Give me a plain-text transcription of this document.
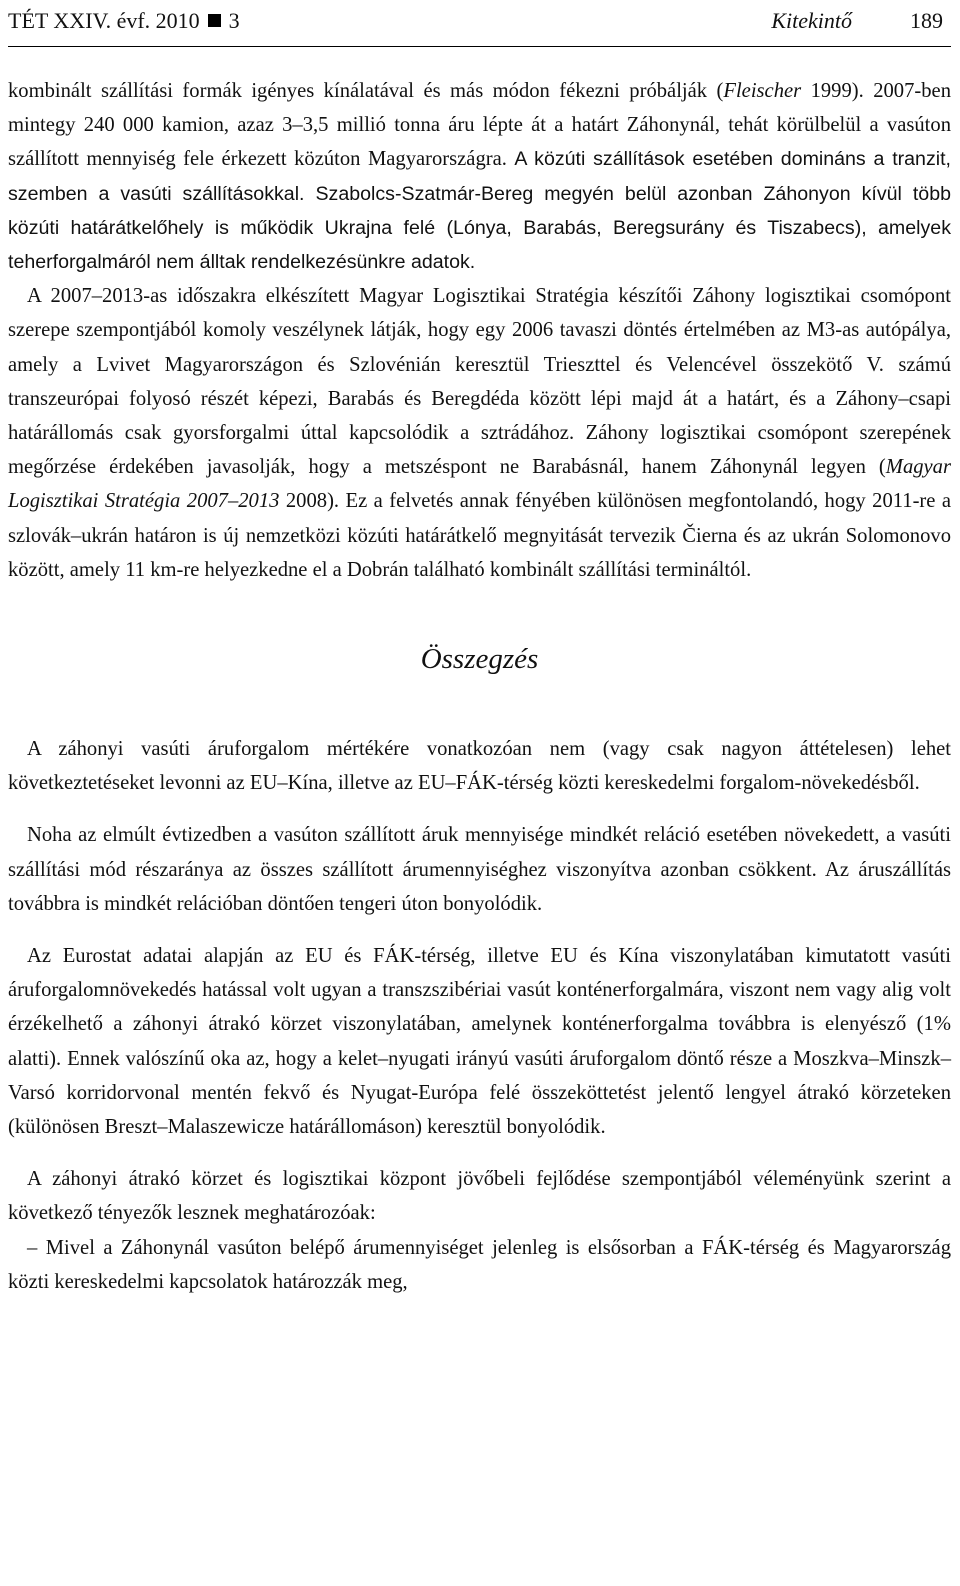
TÉT XXIV. évf. 2010 3	Kitekintő	189

kombinált szállítási formák igényes kínálatával és más módon fékezni próbálják (Fleischer 1999). 2007-ben mintegy 240 000 kamion, azaz 3–3,5 millió tonna áru lépte át a határt Záhonynál, tehát körülbelül a vasúton szállított mennyiség fele érkezett közúton Magyarországra. A közúti szállítások esetében domináns a tranzit, szemben a vasúti szállításokkal. Szabolcs-Szatmár-Bereg megyén belül azonban Záhonyon kívül több közúti határátkelőhely is működik Ukrajna felé (Lónya, Barabás, Beregsurány és Tiszabecs), amelyek teherforgalmáról nem álltak rendelkezésünkre adatok.

A 2007–2013-as időszakra elkészített Magyar Logisztikai Stratégia készítői Záhony logisztikai csomópont szerepe szempontjából komoly veszélynek látják, hogy egy 2006 tavaszi döntés értelmében az M3-as autópálya, amely a Lvivet Magyarországon és Szlovénián keresztül Trieszttel és Velencével összekötő V. számú transzeurópai folyosó részét képezi, Barabás és Beregdéda között lépi majd át a határt, és a Záhony–csapi határállomás csak gyorsforgalmi úttal kapcsolódik a sztrádához. Záhony logisztikai csomópont szerepének megőrzése érdekében javasolják, hogy a metszéspont ne Barabásnál, hanem Záhonynál legyen (Magyar Logisztikai Stratégia 2007–2013 2008). Ez a felvetés annak fényében különösen megfontolandó, hogy 2011-re a szlovák–ukrán határon is új nemzetközi közúti határátkelő megnyitását tervezik Čierna és az ukrán Solomonovo között, amely 11 km-re helyezkedne el a Dobrán található kombinált szállítási termináltól.

Összegzés

A záhonyi vasúti áruforgalom mértékére vonatkozóan nem (vagy csak nagyon áttételesen) lehet következtetéseket levonni az EU–Kína, illetve az EU–FÁK-térség közti kereskedelmi forgalom-növekedésből.

Noha az elmúlt évtizedben a vasúton szállított áruk mennyisége mindkét reláció esetében növekedett, a vasúti szállítási mód részaránya az összes szállított árumennyiséghez viszonyítva azonban csökkent. Az áruszállítás továbbra is mindkét relációban döntően tengeri úton bonyolódik.

Az Eurostat adatai alapján az EU és FÁK-térség, illetve EU és Kína viszonylatában kimutatott vasúti áruforgalomnövekedés hatással volt ugyan a transzszibériai vasút konténerforgalmára, viszont nem vagy alig volt érzékelhető a záhonyi átrakó körzet viszonylatában, amelynek konténerforgalma továbbra is elenyésző (1% alatti). Ennek valószínű oka az, hogy a kelet–nyugati irányú vasúti áruforgalom döntő része a Moszkva–Minszk–Varsó korridorvonal mentén fekvő és Nyugat-Európa felé összeköttetést jelentő lengyel átrakó körzeteken (különösen Breszt–Malaszewicze határállomáson) keresztül bonyolódik.

A záhonyi átrakó körzet és logisztikai központ jövőbeli fejlődése szempontjából véleményünk szerint a következő tényezők lesznek meghatározóak:

– Mivel a Záhonynál vasúton belépő árumennyiséget jelenleg is elsősorban a FÁK-térség és Magyarország közti kereskedelmi kapcsolatok határozzák meg,
